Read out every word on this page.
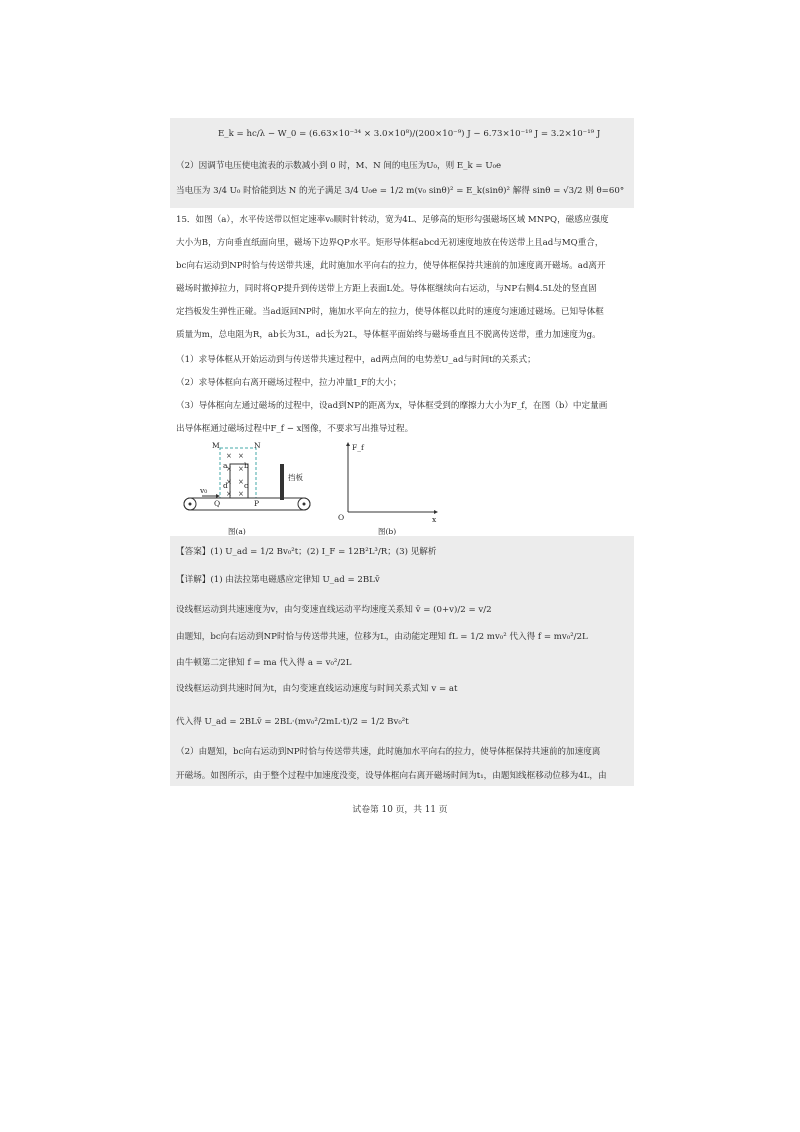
E_k = hc/λ − W_0 = (6.63×10⁻³⁴ × 3.0×10⁸)/(200×10⁻⁹) J − 6.73×10⁻¹⁹ J = 3.2×10⁻¹⁹ J
（2）因调节电压使电流表的示数减小到 0 时，M、N 间的电压为U₀，则 E_k = U₀e
当电压为 3/4 U₀ 时恰能到达 N 的光子满足 3/4 U₀e = 1/2 m(v₀ sinθ)² = E_k(sinθ)² 解得 sinθ = √3/2 则 θ=60°
15．如图（a），水平传送带以恒定速率v₀顺时针转动，宽为4L、足够高的矩形勾强磁场区域 MNPQ，磁感应强度
大小为B，方向垂直纸面向里，磁场下边界QP水平。矩形导体框abcd无初速度地放在传送带上且ad与MQ重合，
bc向右运动到NP时恰与传送带共速，此时施加水平向右的拉力，使导体框保持共速前的加速度离开磁场。ad离开
磁场时撤掉拉力，同时将QP提升到传送带上方距上表面L处。导体框继续向右运动，与NP右侧4.5L处的竖直固
定挡板发生弹性正碰。当ad返回NP时，施加水平向左的拉力，使导体框以此时的速度匀速通过磁场。已知导体框
质量为m，总电阻为R，ab长为3L，ad长为2L，导体框平面始终与磁场垂直且不脱离传送带，重力加速度为g。
（1）求导体框从开始运动到与传送带共速过程中，ad两点间的电势差U_ad与时间t的关系式；
（2）求导体框向右离开磁场过程中，拉力冲量I_F的大小；
（3）导体框向左通过磁场的过程中，设ad到NP的距离为x，导体框受到的摩擦力大小为F_f，在图（b）中定量画
出导体框通过磁场过程中F_f − x图像，不要求写出推导过程。
× ×
× ×
× ×
× ×
M	N
a b
d c
Q	P
v₀
挡板
图(a)
F_f
x
O
图(b)
【答案】(1) U_ad = 1/2 Bv₀²t；(2) I_F = 12B²L³/R；(3) 见解析
【详解】(1) 由法拉第电磁感应定律知 U_ad = 2BLv̄
设线框运动到共速速度为v，由匀变速直线运动平均速度关系知 v̄ = (0+v)/2 = v/2
由题知，bc向右运动到NP时恰与传送带共速，位移为L，由动能定理知 fL = 1/2 mv₀² 代入得 f = mv₀²/2L
由牛顿第二定律知 f = ma 代入得 a = v₀²/2L
设线框运动到共速时间为t，由匀变速直线运动速度与时间关系式知 v = at
代入得 U_ad = 2BLv̄ = 2BL·(mv₀²/2mL·t)/2 = 1/2 Bv₀²t
（2）由题知，bc向右运动到NP时恰与传送带共速，此时施加水平向右的拉力，使导体框保持共速前的加速度离
开磁场。如图所示，由于整个过程中加速度没变，设导体框向右离开磁场时间为t₁，由题知线框移动位移为4L，由
试卷第 10 页，共 11 页
